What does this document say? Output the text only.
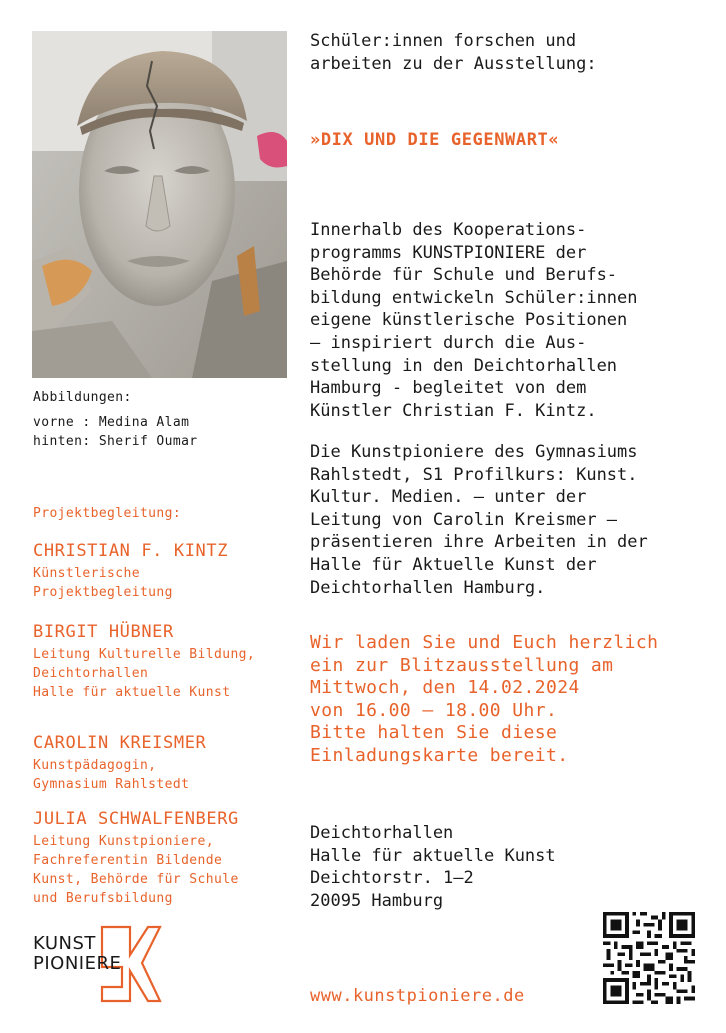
Abbildungen:
vorne : Medina Alam
hinten: Sherif Oumar
Projektbegleitung:
CHRISTIAN F. KINTZ
Künstlerische
Projektbegleitung
BIRGIT HÜBNER
Leitung Kulturelle Bildung,
Deichtorhallen
Halle für aktuelle Kunst
CAROLIN KREISMER
Kunstpädagogin,
Gymnasium Rahlstedt
JULIA SCHWALFENBERG
Leitung Kunstpioniere,
Fachreferentin Bildende
Kunst, Behörde für Schule
und Berufsbildung
KUNST
PIONIERE
Schüler:innen forschen und
arbeiten zu der Ausstellung:
»DIX UND DIE GEGENWART«
Innerhalb des Kooperations-
programms KUNSTPIONIERE der
Behörde für Schule und Berufs-
bildung entwickeln Schüler:innen
eigene künstlerische Positionen
– inspiriert durch die Aus-
stellung in den Deichtorhallen
Hamburg - begleitet von dem
Künstler Christian F. Kintz.
Die Kunstpioniere des Gymnasiums
Rahlstedt, S1 Profilkurs: Kunst.
Kultur. Medien. – unter der
Leitung von Carolin Kreismer –
präsentieren ihre Arbeiten in der
Halle für Aktuelle Kunst der
Deichtorhallen Hamburg.
Wir laden Sie und Euch herzlich
ein zur Blitzausstellung am
Mittwoch, den 14.02.2024
von 16.00 – 18.00 Uhr.
Bitte halten Sie diese
Einladungskarte bereit.
Deichtorhallen
Halle für aktuelle Kunst
Deichtorstr. 1–2
20095 Hamburg
www.kunstpioniere.de
